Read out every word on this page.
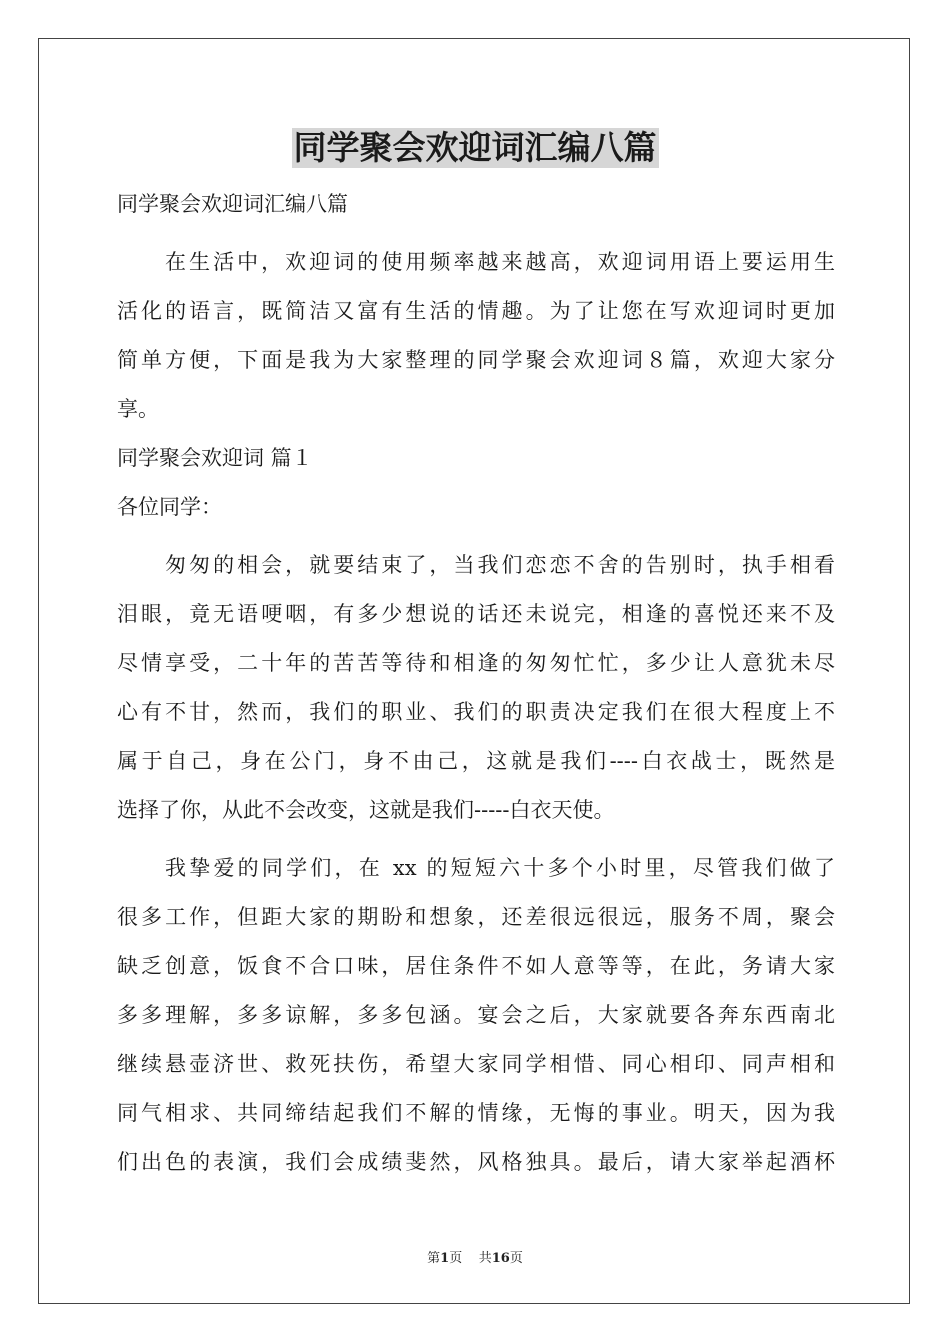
同学聚会欢迎词汇编八篇
同学聚会欢迎词汇编八篇
在生活中，欢迎词的使用频率越来越高，欢迎词用语上要运用生
活化的语言，既简洁又富有生活的情趣。为了让您在写欢迎词时更加
简单方便，下面是我为大家整理的同学聚会欢迎词８篇，欢迎大家分
享。
同学聚会欢迎词 篇１
各位同学：
匆匆的相会，就要结束了，当我们恋恋不舍的告别时，执手相看
泪眼，竟无语哽咽，有多少想说的话还未说完，相逢的喜悦还来不及
尽情享受，二十年的苦苦等待和相逢的匆匆忙忙，多少让人意犹未尽
心有不甘，然而，我们的职业、我们的职责决定我们在很大程度上不
属于自己，身在公门，身不由己，这就是我们----白衣战士，既然是
选择了你，从此不会改变，这就是我们-----白衣天使。
我挚爱的同学们，在 xx 的短短六十多个小时里，尽管我们做了
很多工作，但距大家的期盼和想象，还差很远很远，服务不周，聚会
缺乏创意，饭食不合口味，居住条件不如人意等等，在此，务请大家
多多理解，多多谅解，多多包涵。宴会之后，大家就要各奔东西南北
继续悬壶济世、救死扶伤，希望大家同学相惜、同心相印、同声相和
同气相求、共同缔结起我们不解的情缘，无悔的事业。明天，因为我
们出色的表演，我们会成绩斐然，风格独具。最后，请大家举起酒杯
第1页 共16页
